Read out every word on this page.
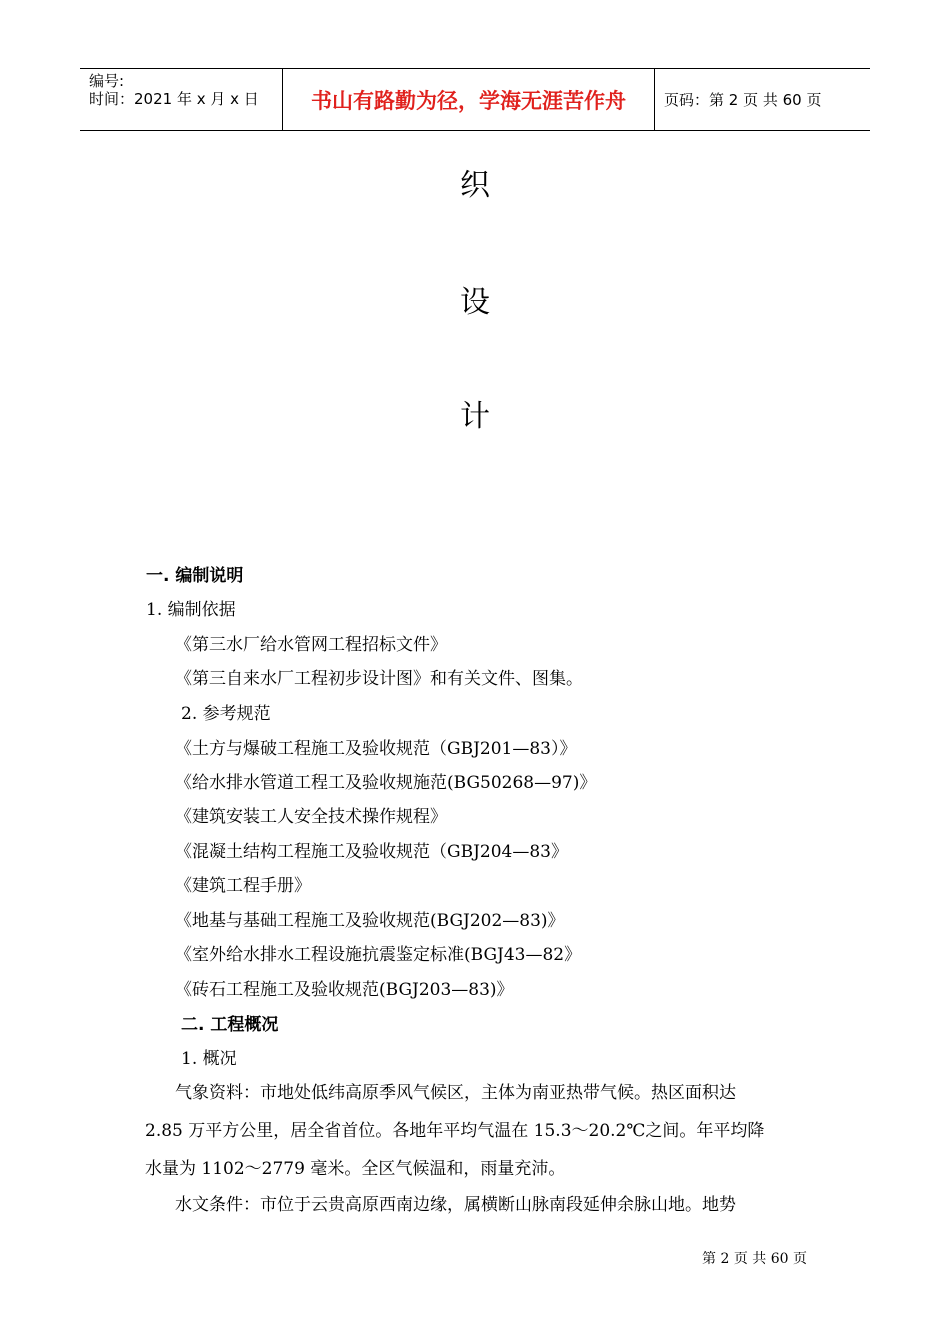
编号:
时间：2021 年 x 月 x 日	书山有路勤为径，学海无涯苦作舟	页码：第 2 页 共 60 页
织
设
计
一. 编制说明
1. 编制依据
《第三水厂给水管网工程招标文件》
《第三自来水厂工程初步设计图》和有关文件、图集。
2. 参考规范
《土方与爆破工程施工及验收规范（GBJ201—83）》
《给水排水管道工程工及验收规施范(BG50268—97)》
《建筑安装工人安全技术操作规程》
《混凝土结构工程施工及验收规范（GBJ204—83》
《建筑工程手册》
《地基与基础工程施工及验收规范(BGJ202—83)》
《室外给水排水工程设施抗震鉴定标准(BGJ43—82》
《砖石工程施工及验收规范(BGJ203—83)》
二. 工程概况
1. 概况
气象资料：市地处低纬高原季风气候区，主体为南亚热带气候。热区面积达
2.85 万平方公里，居全省首位。各地年平均气温在 15.3～20.2℃之间。年平均降
水量为 1102～2779 毫米。全区气候温和，雨量充沛。
水文条件：市位于云贵高原西南边缘，属横断山脉南段延伸余脉山地。地势
第 2 页 共 60 页
